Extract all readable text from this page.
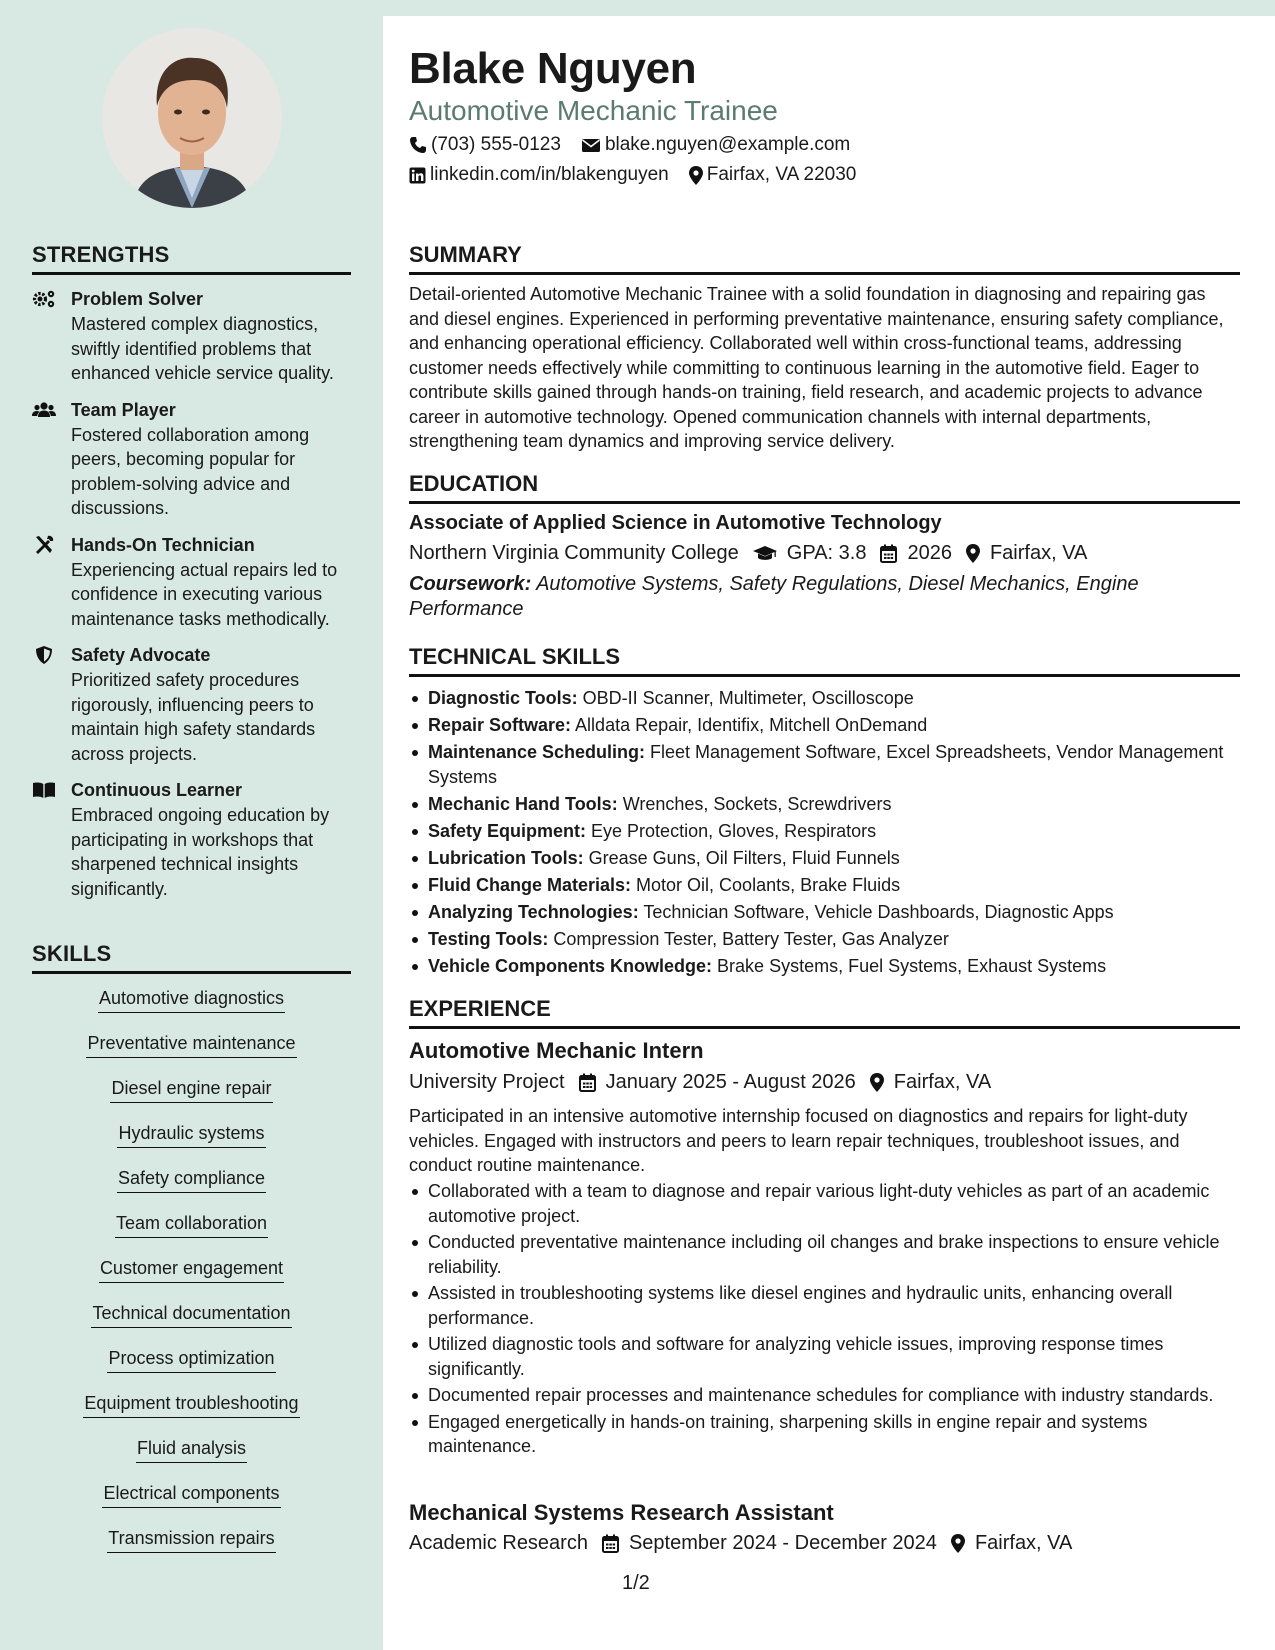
STRENGTHS
Problem Solver
Mastered complex diagnostics, swiftly identified problems that enhanced vehicle service quality.
Team Player
Fostered collaboration among peers, becoming popular for problem-solving advice and discussions.
Hands-On Technician
Experiencing actual repairs led to confidence in executing various maintenance tasks methodically.
Safety Advocate
Prioritized safety procedures rigorously, influencing peers to maintain high safety standards across projects.
Continuous Learner
Embraced ongoing education by participating in workshops that sharpened technical insights significantly.
SKILLS
Automotive diagnostics
Preventative maintenance
Diesel engine repair
Hydraulic systems
Safety compliance
Team collaboration
Customer engagement
Technical documentation
Process optimization
Equipment troubleshooting
Fluid analysis
Electrical components
Transmission repairs
Blake Nguyen
Automotive Mechanic Trainee
(703) 555-0123 blake.nguyen@example.com
linkedin.com/in/blakenguyen Fairfax, VA 22030
SUMMARY
Detail-oriented Automotive Mechanic Trainee with a solid foundation in diagnosing and repairing gas and diesel engines. Experienced in performing preventative maintenance, ensuring safety compliance, and enhancing operational efficiency. Collaborated well within cross-functional teams, addressing customer needs effectively while committing to continuous learning in the automotive field. Eager to contribute skills gained through hands-on training, field research, and academic projects to advance career in automotive technology. Opened communication channels with internal departments, strengthening team dynamics and improving service delivery.
EDUCATION
Associate of Applied Science in Automotive Technology
Northern Virginia Community College GPA: 3.8 2026 Fairfax, VA
Coursework: Automotive Systems, Safety Regulations, Diesel Mechanics, Engine Performance
TECHNICAL SKILLS
Diagnostic Tools: OBD-II Scanner, Multimeter, Oscilloscope
Repair Software: Alldata Repair, Identifix, Mitchell OnDemand
Maintenance Scheduling: Fleet Management Software, Excel Spreadsheets, Vendor Management Systems
Mechanic Hand Tools: Wrenches, Sockets, Screwdrivers
Safety Equipment: Eye Protection, Gloves, Respirators
Lubrication Tools: Grease Guns, Oil Filters, Fluid Funnels
Fluid Change Materials: Motor Oil, Coolants, Brake Fluids
Analyzing Technologies: Technician Software, Vehicle Dashboards, Diagnostic Apps
Testing Tools: Compression Tester, Battery Tester, Gas Analyzer
Vehicle Components Knowledge: Brake Systems, Fuel Systems, Exhaust Systems
EXPERIENCE
Automotive Mechanic Intern
University Project January 2025 - August 2026 Fairfax, VA
Participated in an intensive automotive internship focused on diagnostics and repairs for light-duty vehicles. Engaged with instructors and peers to learn repair techniques, troubleshoot issues, and conduct routine maintenance.
Collaborated with a team to diagnose and repair various light-duty vehicles as part of an academic automotive project.
Conducted preventative maintenance including oil changes and brake inspections to ensure vehicle reliability.
Assisted in troubleshooting systems like diesel engines and hydraulic units, enhancing overall performance.
Utilized diagnostic tools and software for analyzing vehicle issues, improving response times significantly.
Documented repair processes and maintenance schedules for compliance with industry standards.
Engaged energetically in hands-on training, sharpening skills in engine repair and systems maintenance.
Mechanical Systems Research Assistant
Academic Research September 2024 - December 2024 Fairfax, VA
1/2
